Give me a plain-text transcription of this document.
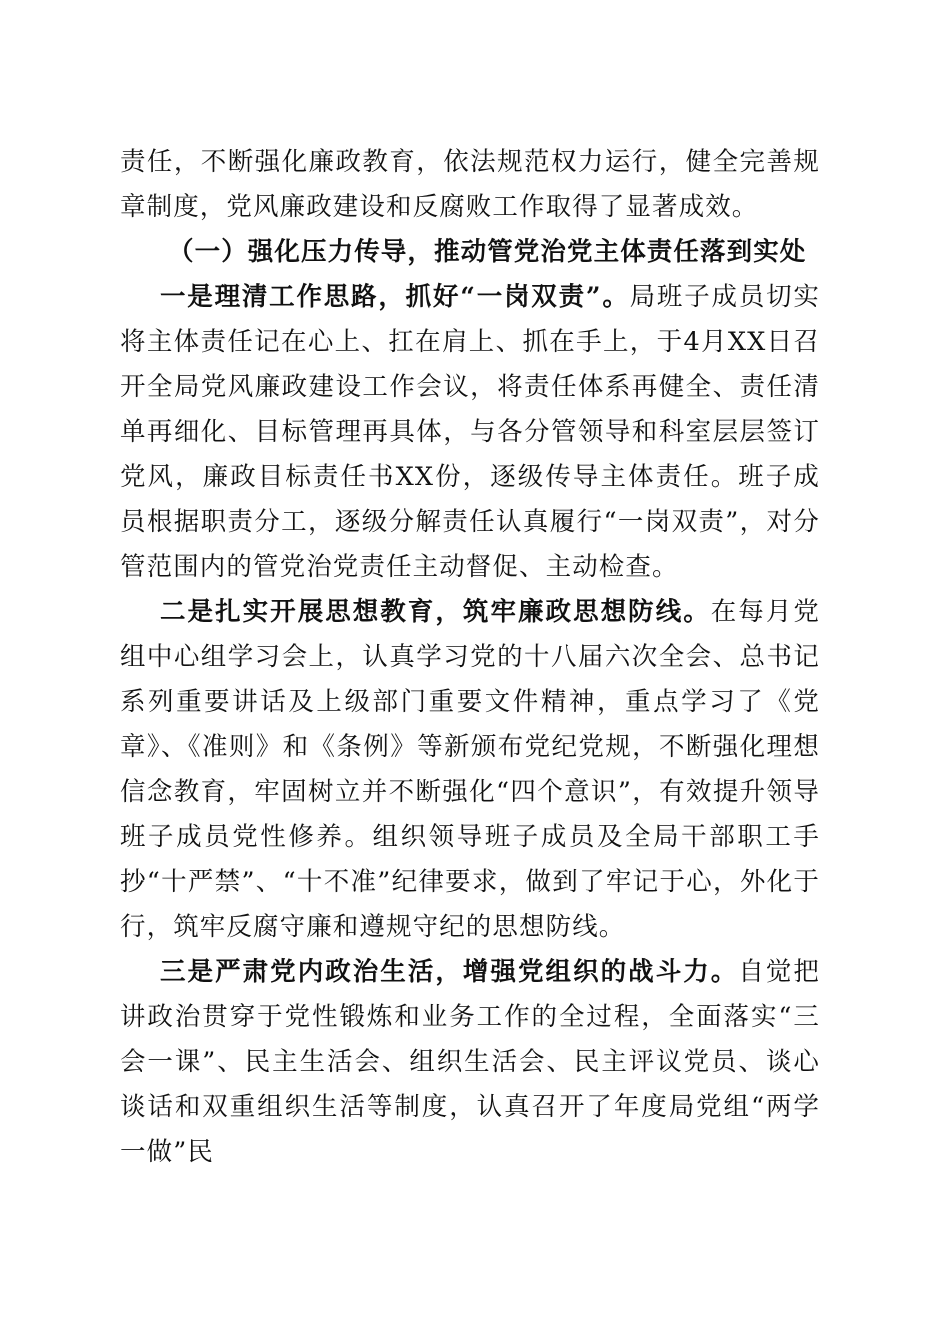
责任，不断强化廉政教育，依法规范权力运行，健全完善规章制度，党风廉政建设和反腐败工作取得了显著成效。

（一）强化压力传导，推动管党治党主体责任落到实处

一是理清工作思路，抓好“一岗双责”。局班子成员切实将主体责任记在心上、扛在肩上、抓在手上，于4月XX日召开全局党风廉政建设工作会议，将责任体系再健全、责任清单再细化、目标管理再具体，与各分管领导和科室层层签订党风，廉政目标责任书XX份，逐级传导主体责任。班子成员根据职责分工，逐级分解责任认真履行“一岗双责”，对分管范围内的管党治党责任主动督促、主动检查。

二是扎实开展思想教育，筑牢廉政思想防线。在每月党组中心组学习会上，认真学习党的十八届六次全会、总书记系列重要讲话及上级部门重要文件精神，重点学习了《党章》、《准则》和《条例》等新颁布党纪党规，不断强化理想信念教育，牢固树立并不断强化“四个意识”，有效提升领导班子成员党性修养。组织领导班子成员及全局干部职工手抄“十严禁”、“十不准”纪律要求，做到了牢记于心，外化于行，筑牢反腐守廉和遵规守纪的思想防线。

三是严肃党内政治生活，增强党组织的战斗力。自觉把讲政治贯穿于党性锻炼和业务工作的全过程，全面落实“三会一课”、民主生活会、组织生活会、民主评议党员、谈心谈话和双重组织生活等制度，认真召开了年度局党组“两学一做”民
